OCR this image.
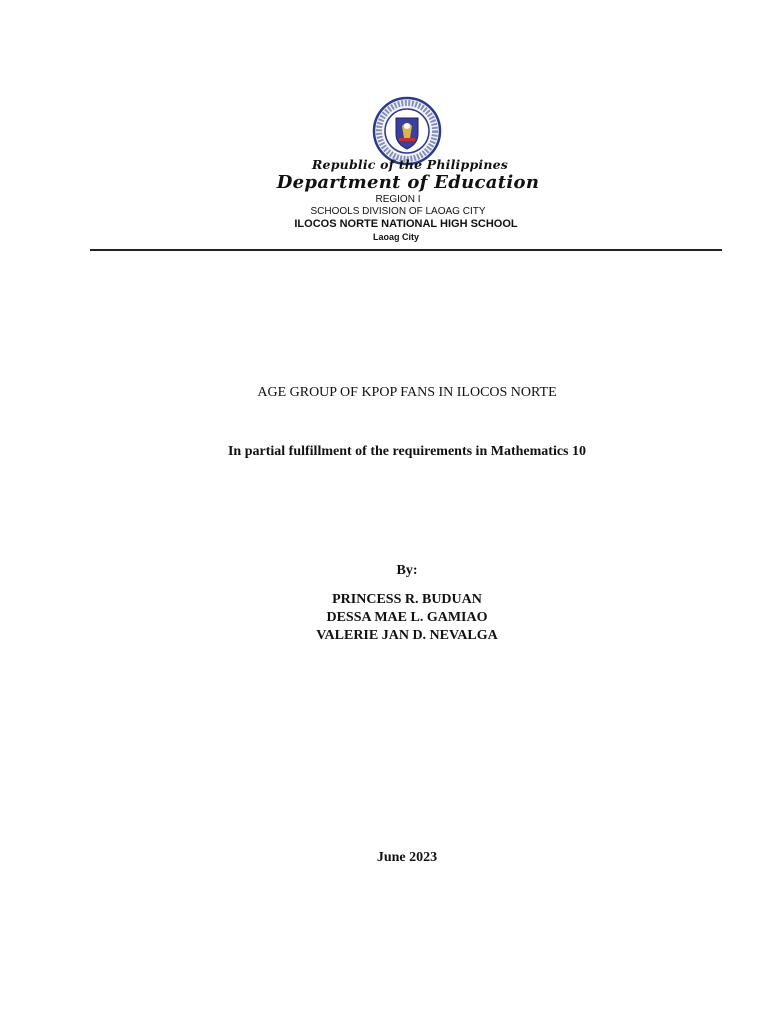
Republic of the Philippines
Department of Education
REGION I
SCHOOLS DIVISION OF LAOAG CITY
ILOCOS NORTE NATIONAL HIGH SCHOOL
Laoag City
AGE GROUP OF KPOP FANS IN ILOCOS NORTE
In partial fulfillment of the requirements in Mathematics 10
By:
PRINCESS R. BUDUAN
DESSA MAE L. GAMIAO
VALERIE JAN D. NEVALGA
June 2023
